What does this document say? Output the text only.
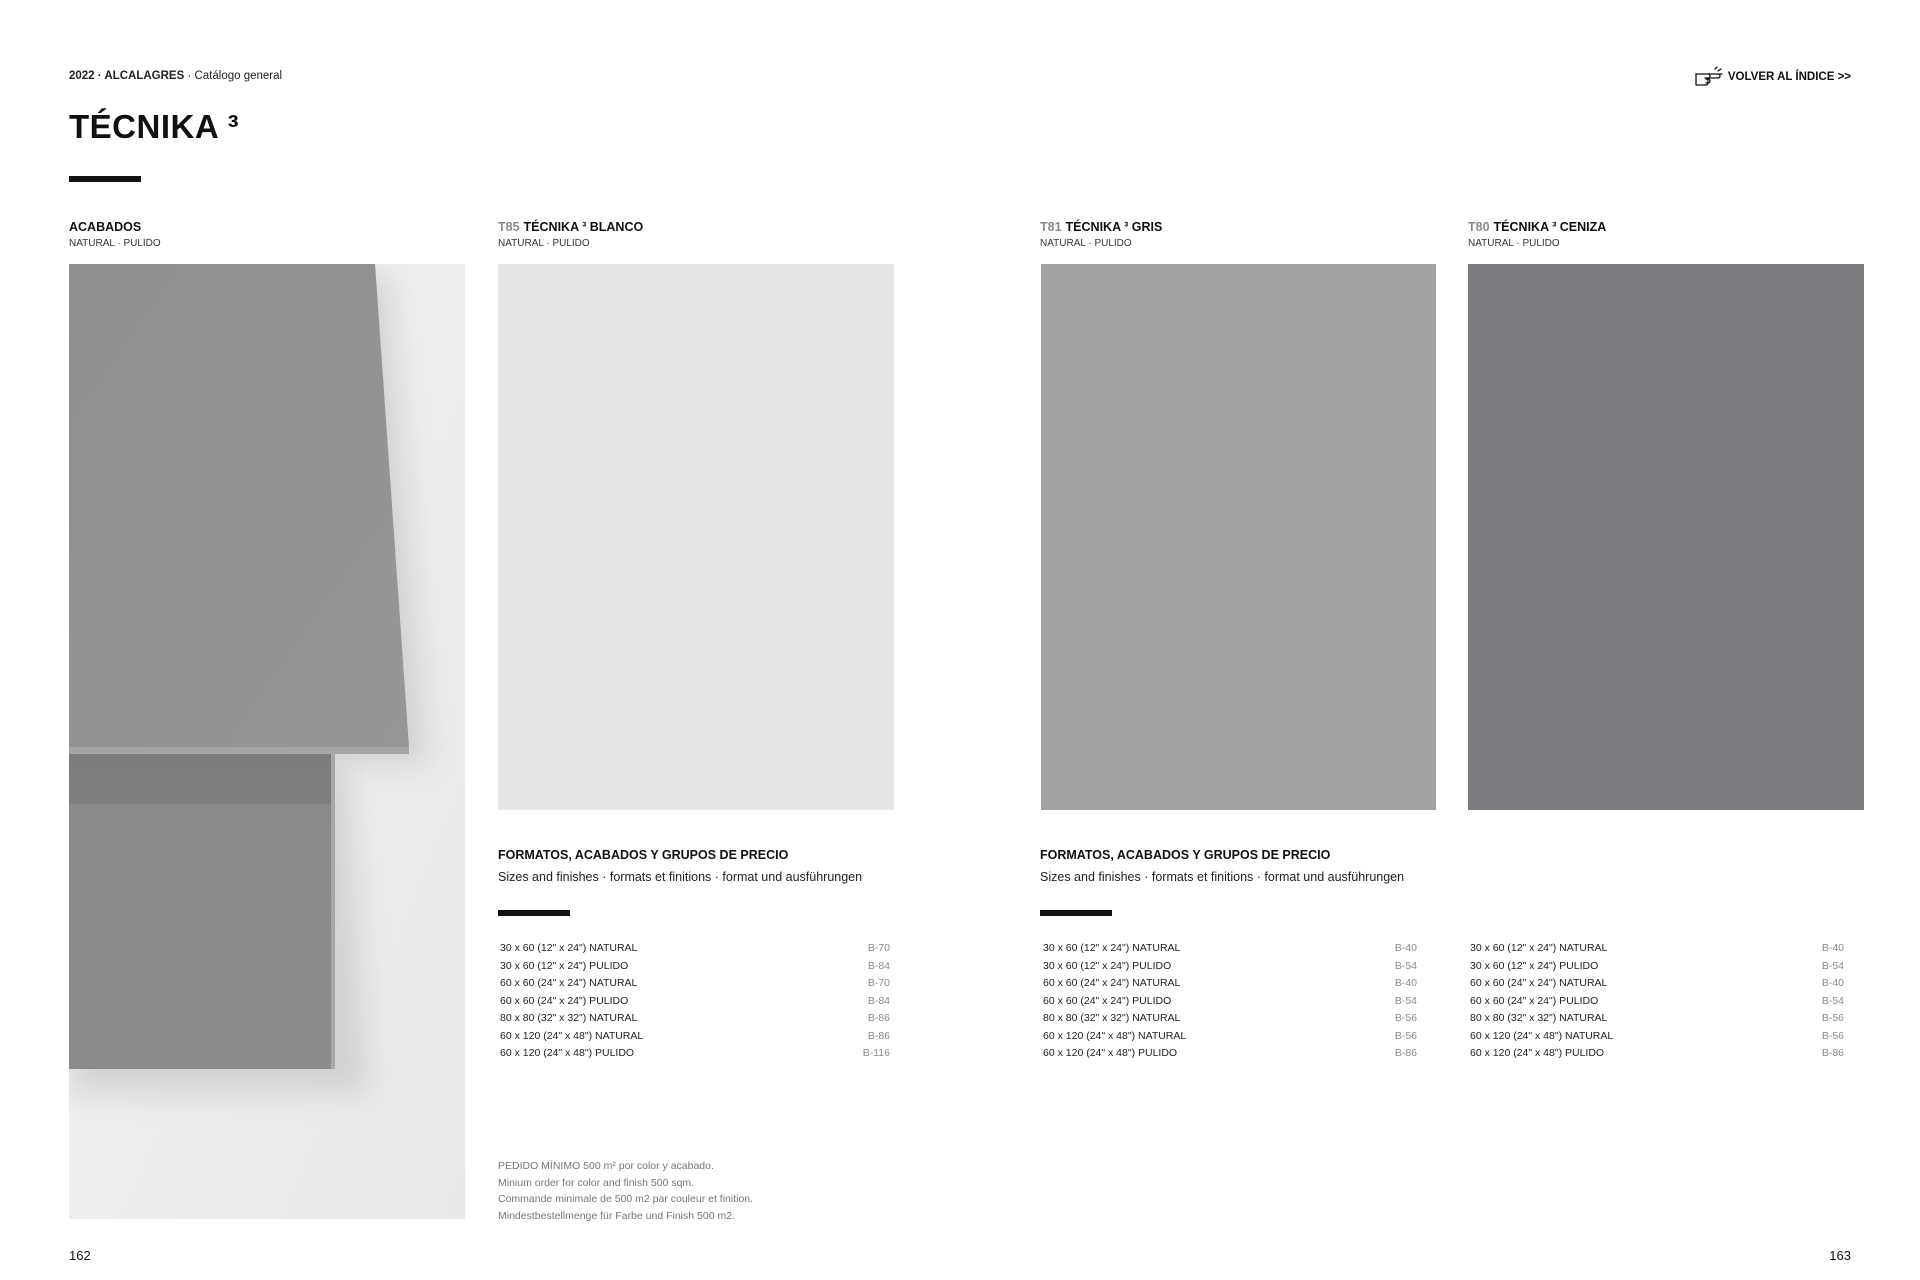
2022 · ALCALAGRES · Catálogo general	VOLVER AL ÍNDICE >>
TÉCNIKA ³
ACABADOS
NATURAL · PULIDO
T85 TÉCNIKA ³ BLANCO
NATURAL · PULIDO
T81 TÉCNIKA ³ GRIS
NATURAL · PULIDO
T80 TÉCNIKA ³ CENIZA
NATURAL · PULIDO
FORMATOS, ACABADOS Y GRUPOS DE PRECIO
Sizes and finishes · formats et finitions · format und ausführungen
FORMATOS, ACABADOS Y GRUPOS DE PRECIO
Sizes and finishes · formats et finitions · format und ausführungen
30 x 60 (12" x 24") NATURAL	B-70
30 x 60 (12" x 24") PULIDO	B-84
60 x 60 (24" x 24") NATURAL	B-70
60 x 60 (24" x 24") PULIDO	B-84
80 x 80 (32" x 32") NATURAL	B-86
60 x 120 (24" x 48") NATURAL	B-86
60 x 120 (24" x 48") PULIDO	B-116
30 x 60 (12" x 24") NATURAL	B-40
30 x 60 (12" x 24") PULIDO	B-54
60 x 60 (24" x 24") NATURAL	B-40
60 x 60 (24" x 24") PULIDO	B-54
80 x 80 (32" x 32") NATURAL	B-56
60 x 120 (24" x 48") NATURAL	B-56
60 x 120 (24" x 48") PULIDO	B-86
30 x 60 (12" x 24") NATURAL	B-40
30 x 60 (12" x 24") PULIDO	B-54
60 x 60 (24" x 24") NATURAL	B-40
60 x 60 (24" x 24") PULIDO	B-54
80 x 80 (32" x 32") NATURAL	B-56
60 x 120 (24" x 48") NATURAL	B-56
60 x 120 (24" x 48") PULIDO	B-86
PEDIDO MÍNIMO 500 m² por color y acabado.
Minium order for color and finish 500 sqm.
Commande minimale de 500 m2 par couleur et finition.
Mindestbestellmenge für Farbe und Finish 500 m2.
162	163
